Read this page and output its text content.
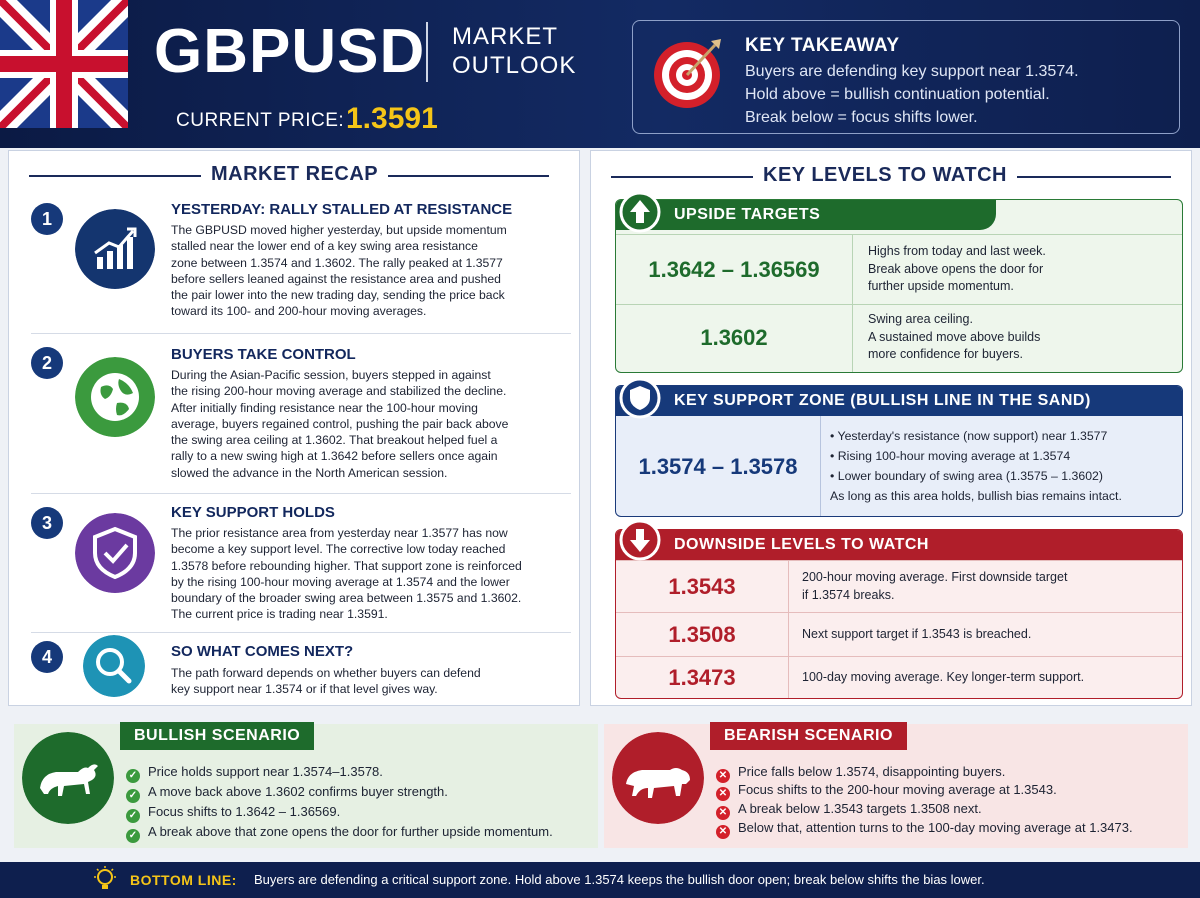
GBPUSD MARKET
OUTLOOK
CURRENT PRICE: 1.3591
KEY TAKEAWAY
Buyers are defending key support near 1.3574.
Hold above = bullish continuation potential.
Break below = focus shifts lower.
MARKET RECAP
1	YESTERDAY: RALLY STALLED AT RESISTANCE
The GBPUSD moved higher yesterday, but upside momentum
stalled near the lower end of a key swing area resistance
zone between 1.3574 and 1.3602. The rally peaked at 1.3577
before sellers leaned against the resistance area and pushed
the pair lower into the new trading day, sending the price back
toward its 100- and 200-hour moving averages.
2	BUYERS TAKE CONTROL
During the Asian-Pacific session, buyers stepped in against
the rising 200-hour moving average and stabilized the decline.
After initially finding resistance near the 100-hour moving
average, buyers regained control, pushing the pair back above
the swing area ceiling at 1.3602. That breakout helped fuel a
rally to a new swing high at 1.3642 before sellers once again
slowed the advance in the North American session.
3
KEY SUPPORT HOLDS
The prior resistance area from yesterday near 1.3577 has now
become a key support level. The corrective low today reached
1.3578 before rebounding higher. That support zone is reinforced
by the rising 100-hour moving average at 1.3574 and the lower
boundary of the broader swing area between 1.3575 and 1.3602.
The current price is trading near 1.3591.
4	SO WHAT COMES NEXT?
The path forward depends on whether buyers can defend
key support near 1.3574 or if that level gives way.
KEY LEVELS TO WATCH
UPSIDE TARGETS
1.3642 – 1.36569
Highs from today and last week.
Break above opens the door for
further upside momentum.
1.3602
Swing area ceiling.
A sustained move above builds
more confidence for buyers.
KEY SUPPORT ZONE (BULLISH LINE IN THE SAND)
1.3574 – 1.3578
• Yesterday's resistance (now support) near 1.3577
• Rising 100-hour moving average at 1.3574
• Lower boundary of swing area (1.3575 – 1.3602)
As long as this area holds, bullish bias remains intact.
DOWNSIDE LEVELS TO WATCH
1.3543	200-hour moving average. First downside target
if 1.3574 breaks.
1.3508	Next support target if 1.3543 is breached.
1.3473	100-day moving average. Key longer-term support.
BULLISH SCENARIO
✓ Price holds support near 1.3574–1.3578.
✓ A move back above 1.3602 confirms buyer strength.
✓ Focus shifts to 1.3642 – 1.36569.
✓ A break above that zone opens the door for further upside momentum.
BEARISH SCENARIO
✕ Price falls below 1.3574, disappointing buyers.
✕ Focus shifts to the 200-hour moving average at 1.3543.
✕ A break below 1.3543 targets 1.3508 next.
✕ Below that, attention turns to the 100-day moving average at 1.3473.
BOTTOM LINE: Buyers are defending a critical support zone. Hold above 1.3574 keeps the bullish door open; break below shifts the bias lower.
